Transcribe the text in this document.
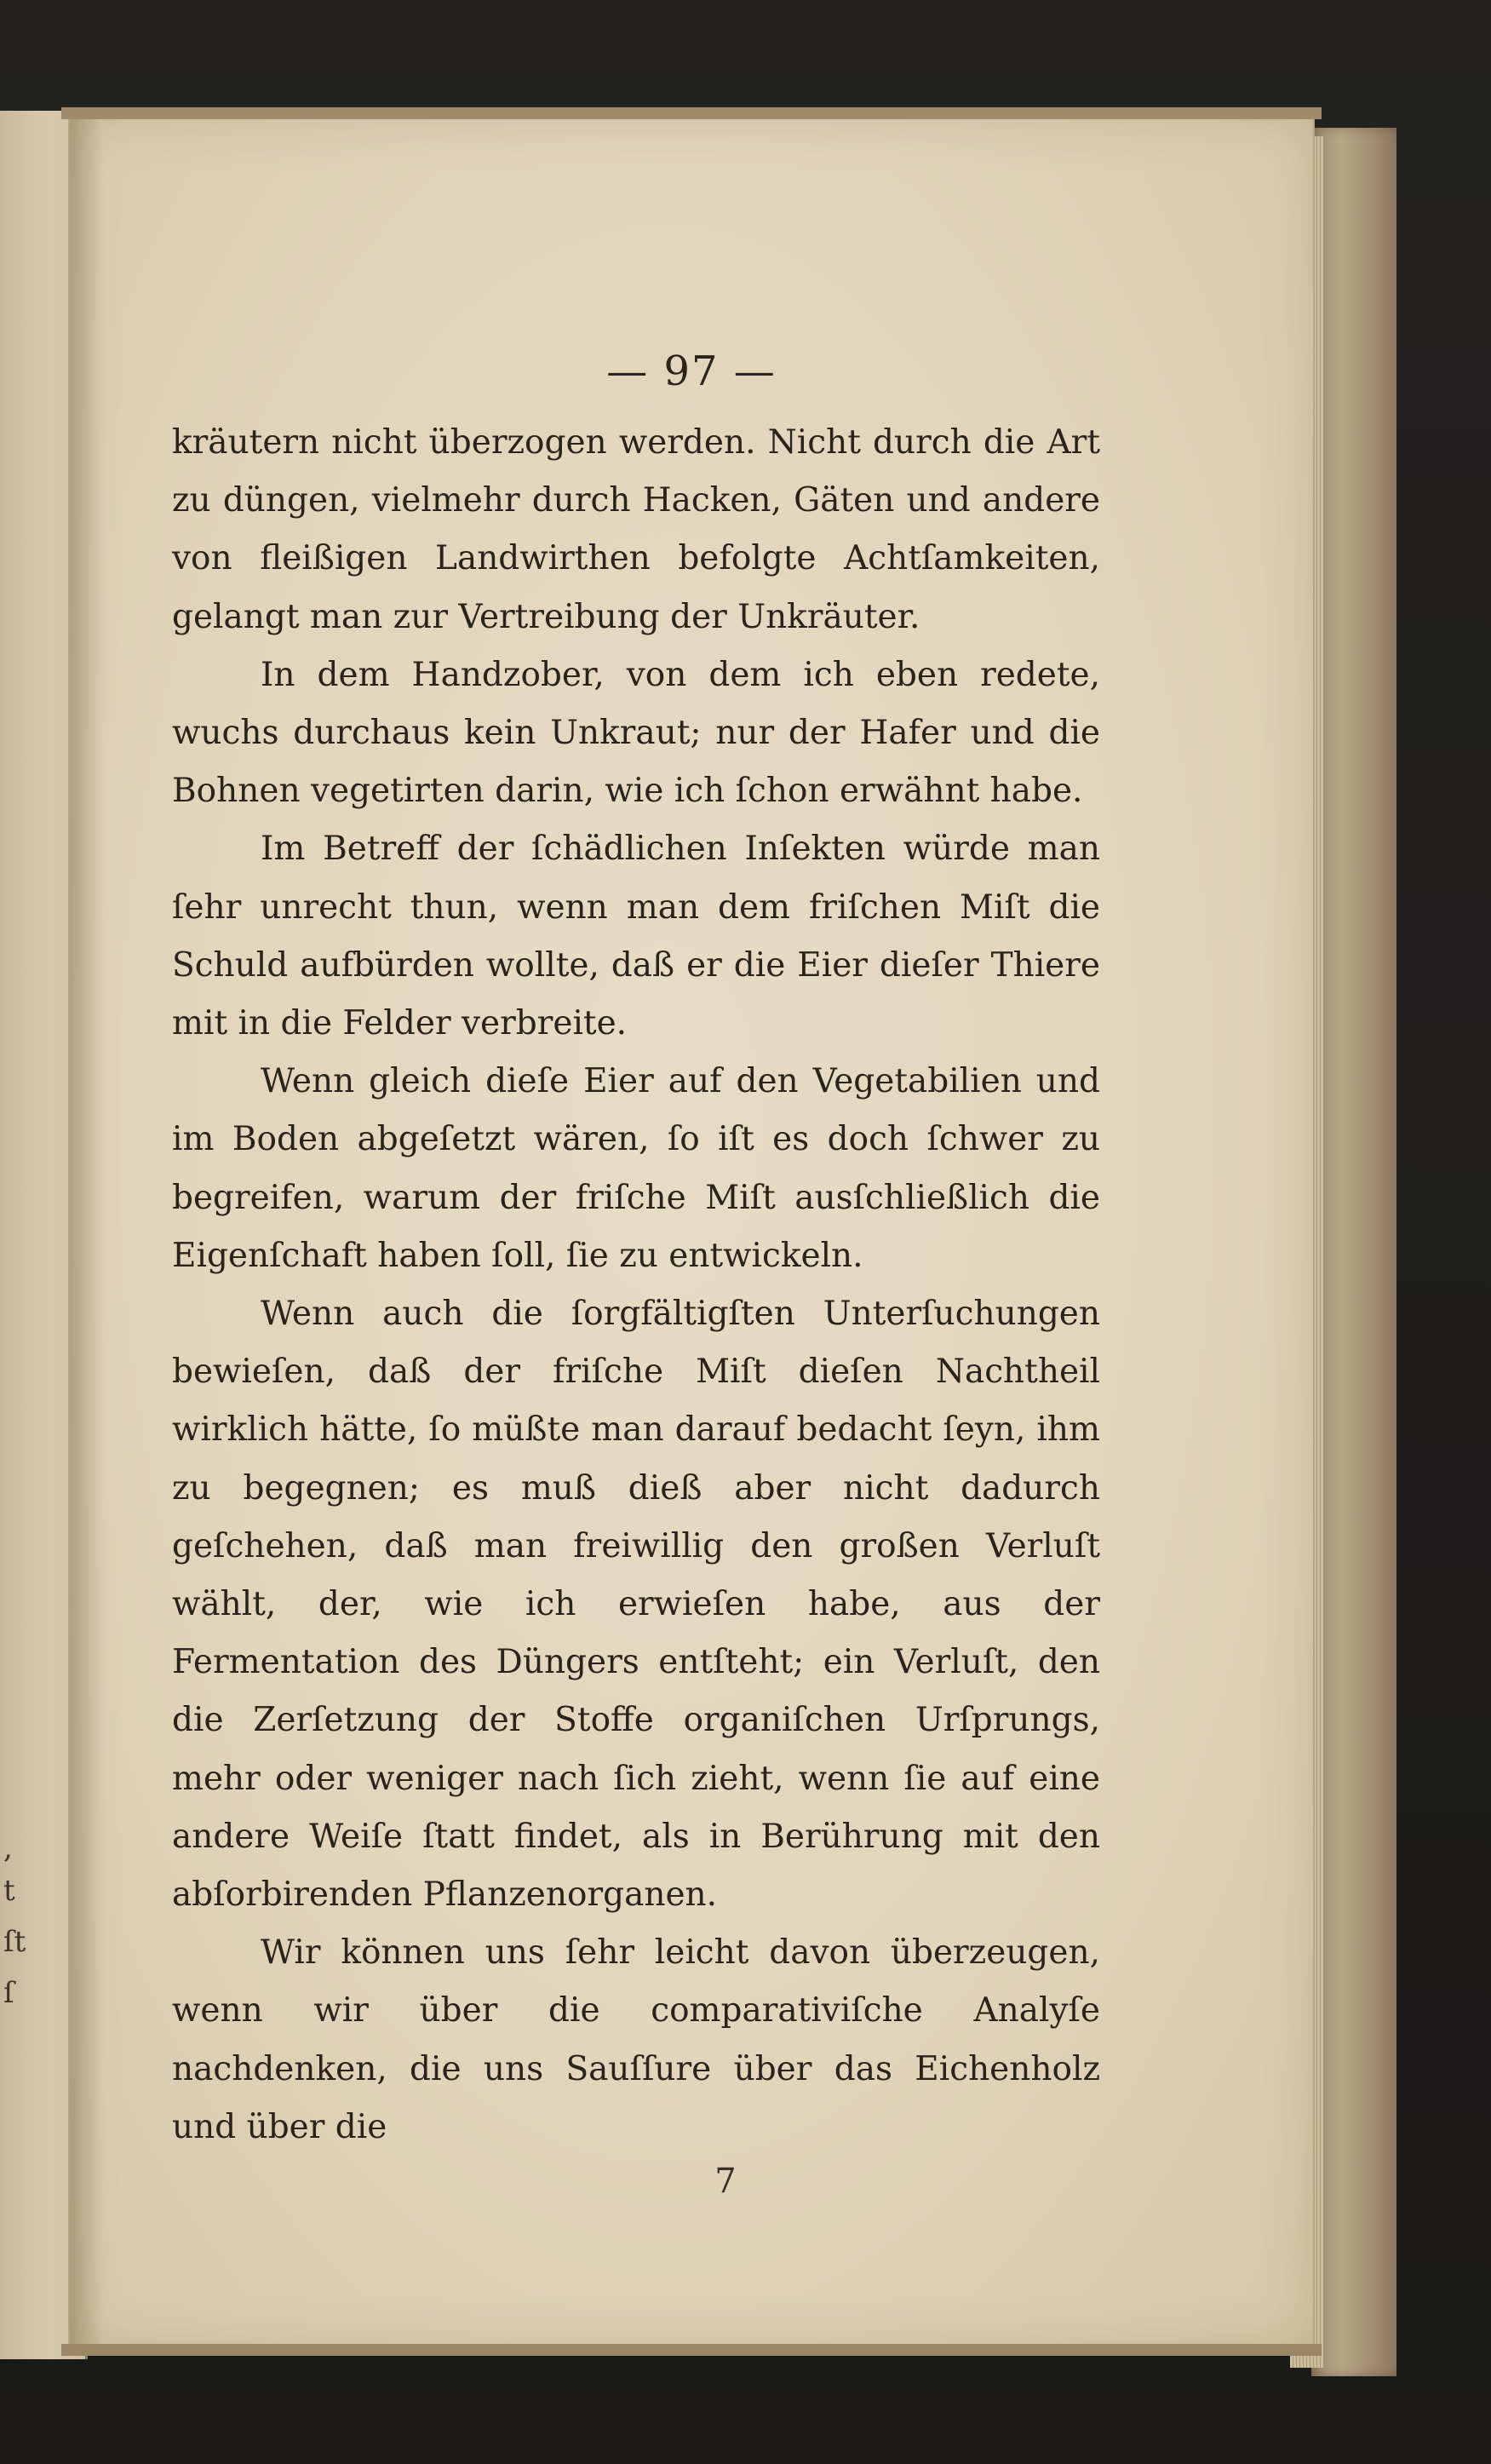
,
t
ſt
ſ
— 97 —

kräutern nicht überzogen werden. Nicht durch die Art zu düngen, vielmehr durch Hacken, Gäten und andere von fleißigen Landwirthen befolgte Achtſamkeiten, gelangt man zur Vertreibung der Unkräuter.

In dem Handzober, von dem ich eben redete, wuchs durchaus kein Unkraut; nur der Hafer und die Bohnen vegetirten darin, wie ich ſchon erwähnt habe.

Im Betreff der ſchädlichen Inſekten würde man ſehr unrecht thun, wenn man dem friſchen Miſt die Schuld aufbürden wollte, daß er die Eier dieſer Thiere mit in die Felder verbreite.

Wenn gleich dieſe Eier auf den Vegetabilien und im Boden abgeſetzt wären, ſo iſt es doch ſchwer zu begreifen, warum der friſche Miſt ausſchließlich die Eigenſchaft haben ſoll, ſie zu entwickeln.

Wenn auch die ſorgfältigſten Unterſuchungen bewieſen, daß der friſche Miſt dieſen Nachtheil wirklich hätte, ſo müßte man darauf bedacht ſeyn, ihm zu begegnen; es muß dieß aber nicht dadurch geſchehen, daß man freiwillig den großen Verluſt wählt, der, wie ich erwieſen habe, aus der Fermentation des Düngers entſteht; ein Verluſt, den die Zerſetzung der Stoffe organiſchen Urſprungs, mehr oder weniger nach ſich zieht, wenn ſie auf eine andere Weiſe ſtatt findet, als in Berührung mit den abſorbirenden Pflanzenorganen.

Wir können uns ſehr leicht davon überzeugen, wenn wir über die comparativiſche Analyſe nachdenken, die uns Sauſſure über das Eichenholz und über die

7
